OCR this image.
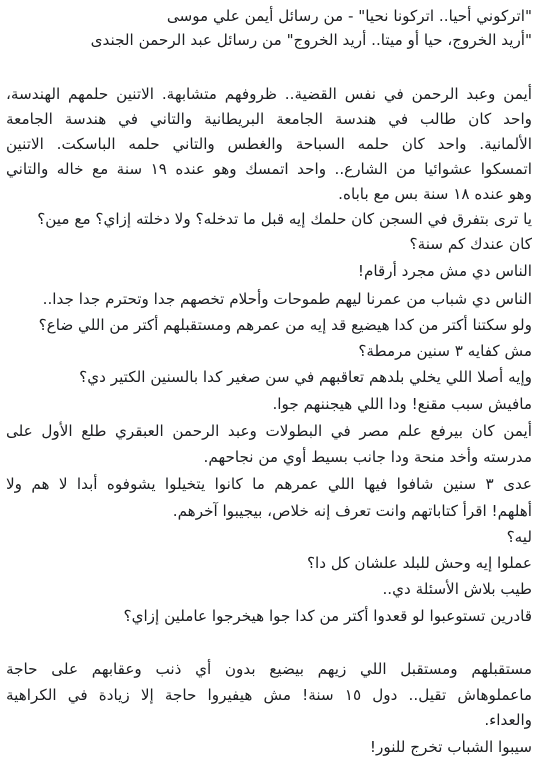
"اتركوني أحيا.. اتركونا نحيا" - من رسائل أيمن علي موسى
"أريد الخروج، حيا أو ميتا.. أريد الخروج" من رسائل عبد الرحمن الجندى
أيمن وعبد الرحمن في نفس القضية.. ظروفهم متشابهة. الاتنين حلمهم الهندسة،
واحد كان طالب في هندسة الجامعة البريطانية والتاني في هندسة الجامعة
الألمانية. واحد كان حلمه السباحة والغطس والتاني حلمه الباسكت. الاتنين
اتمسكوا عشوائيا من الشارع.. واحد اتمسك وهو عنده ١٩ سنة مع خاله والتاني
وهو عنده ١٨ سنة بس مع باباه.
يا ترى بتفرق في السجن كان حلمك إيه قبل ما تدخله؟ ولا دخلته إزاي؟ مع مين؟
كان عندك كم سنة؟
الناس دي مش مجرد أرقام!
الناس دي شباب من عمرنا ليهم طموحات وأحلام تخصهم جدا وتحترم جدا جدا..
ولو سكتنا أكتر من كدا هيضيع قد إيه من عمرهم ومستقبلهم أكتر من اللي ضاع؟
مش كفايه ٣ سنين مرمطة؟
وإيه أصلا اللي يخلي بلدهم تعاقبهم في سن صغير كدا بالسنين الكتير دي؟
مافيش سبب مقنع! ودا اللي هيجننهم جوا.
أيمن كان بيرفع علم مصر في البطولات وعبد الرحمن العبقري طلع الأول على
مدرسته وأخد منحة ودا جانب بسيط أوي من نجاحهم.
عدى ٣ سنين شافوا فيها اللي عمرهم ما كانوا يتخيلوا يشوفوه أبدا لا هم ولا
أهلهم! اقرأ كتاباتهم وانت تعرف إنه خلاص، بيجيبوا آخرهم.
ليه؟
عملوا إيه وحش للبلد علشان كل دا؟
طيب بلاش الأسئلة دي..
قادرين تستوعبوا لو قعدوا أكتر من كدا جوا هيخرجوا عاملين إزاي؟
مستقبلهم ومستقبل اللي زيهم بيضيع بدون أي ذنب وعقابهم على حاجة
ماعملوهاش تقيل.. دول ١٥ سنة! مش هيفيروا حاجة إلا زيادة في الكراهية
والعداء.
سيبوا الشباب تخرج للنور!
